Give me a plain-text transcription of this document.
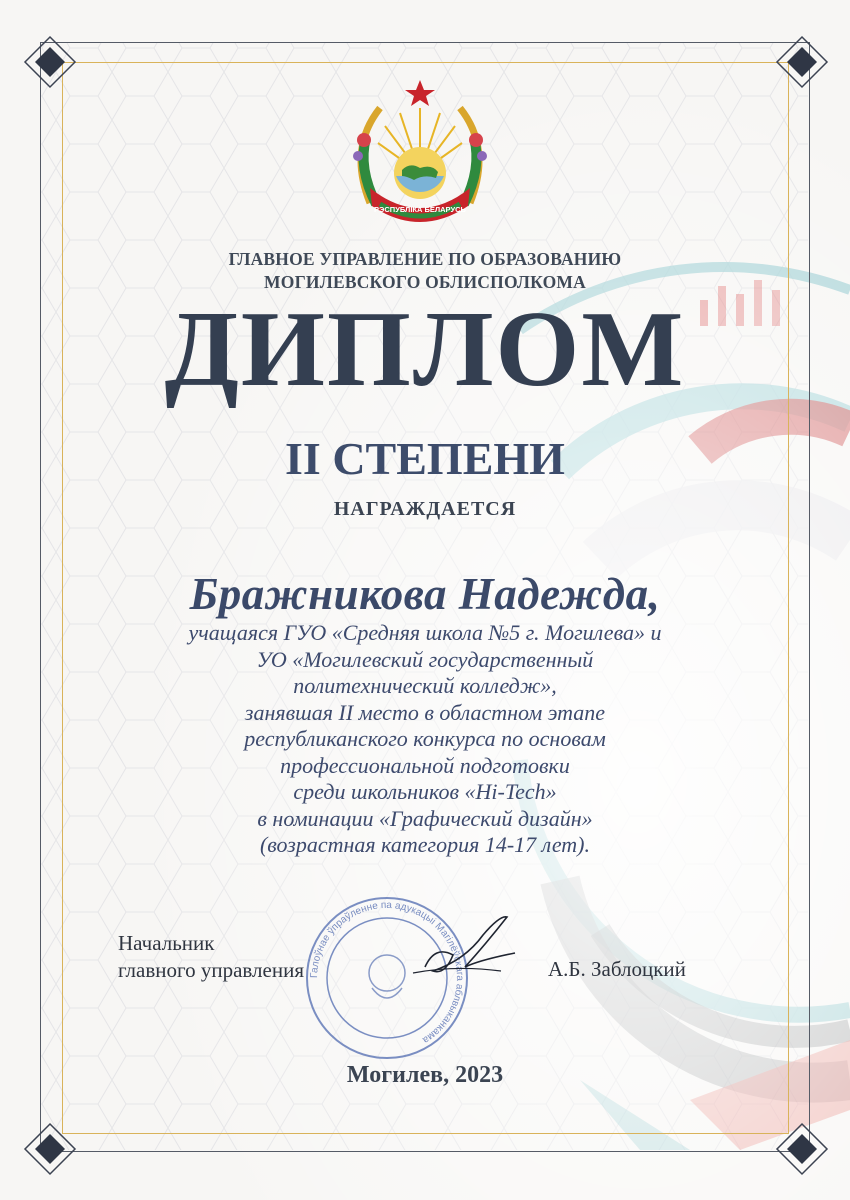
РЭСПУБЛІКА БЕЛАРУСЬ
ГЛАВНОЕ УПРАВЛЕНИЕ ПО ОБРАЗОВАНИЮ
МОГИЛЕВСКОГО ОБЛИСПОЛКОМА
ДИПЛОМ
II СТЕПЕНИ
НАГРАЖДАЕТСЯ
Бражникова Надежда,
учащаяся ГУО «Средняя школа №5 г. Могилева» и
УО «Могилевский государственный
политехнический колледж»,
занявшая II место в областном этапе
республиканского конкурса по основам
профессиональной подготовки
среди школьников «Hi-Tech»
в номинации «Графический дизайн»
(возрастная категория 14-17 лет).
Галоўнае ўпраўленне па адукацыі Магілёўскага аблвыканкама
Начальник
главного управления	А.Б. Заблоцкий
Могилев, 2023
